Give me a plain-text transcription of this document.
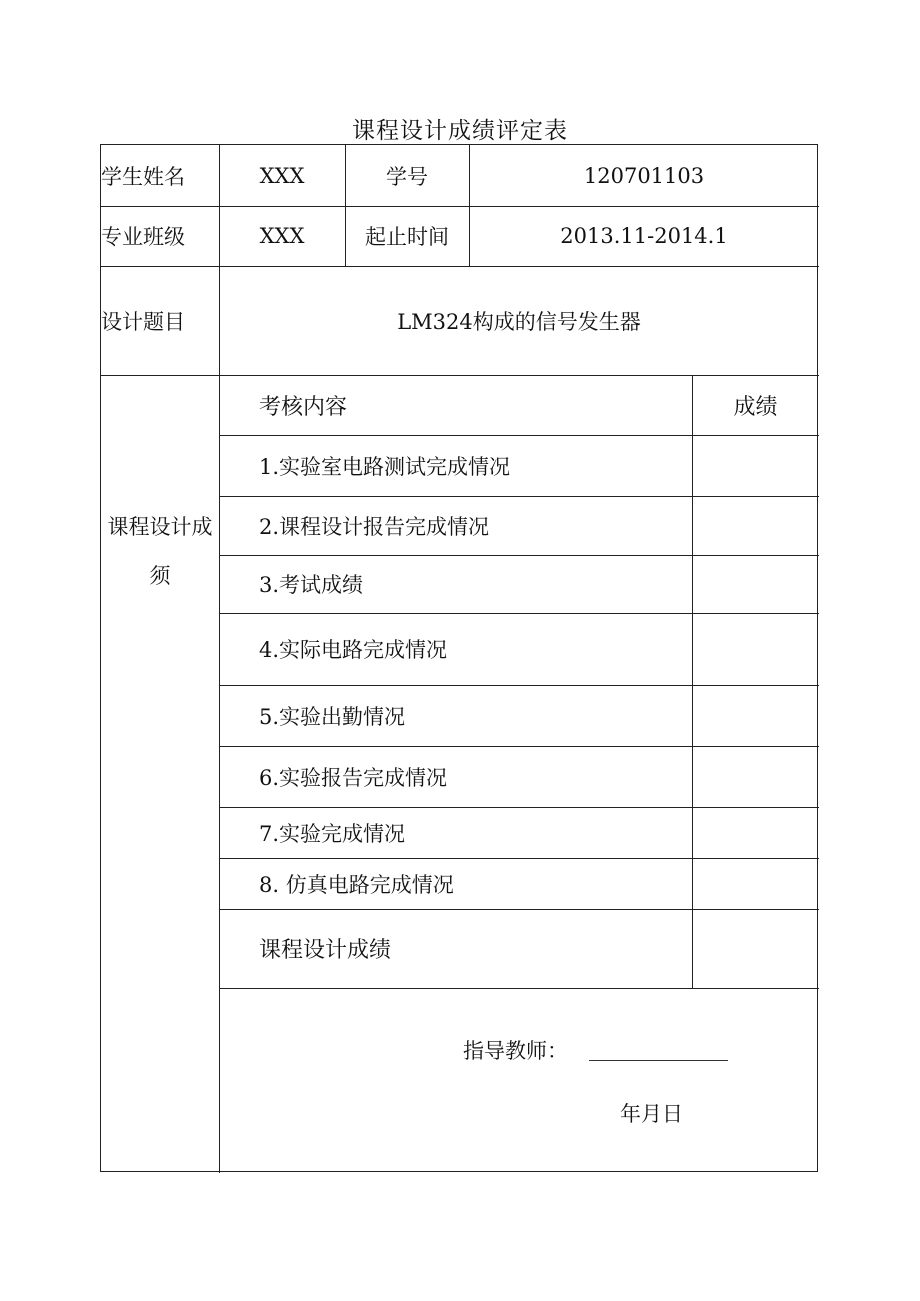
课程设计成绩评定表
学生姓名	XXX	学号	120701103
专业班级	XXX	起止时间	2013.11-2014.1
设计题目	LM324构成的信号发生器
课程设计成须
考核内容	成绩
1.实验室电路测试完成情况
2.课程设计报告完成情况
3.考试成绩
4.实际电路完成情况
5.实验出勤情况
6.实验报告完成情况
7.实验完成情况
8. 仿真电路完成情况
课程设计成绩
指导教师：
年月日
